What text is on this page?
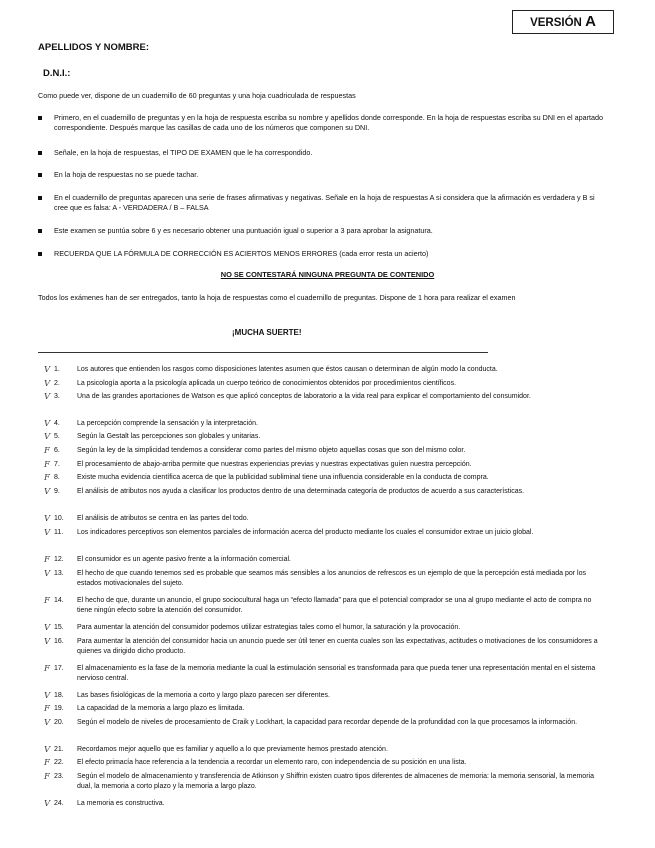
VERSIÓN A
APELLIDOS Y NOMBRE:
D.N.I.:
Como puede ver, dispone de un cuadernillo de 60 preguntas y una hoja cuadriculada de respuestas
Primero, en el cuadernillo de preguntas y en la hoja de respuesta escriba su nombre y apellidos donde corresponde. En la hoja de respuestas escriba su DNI en el apartado correspondiente. Después marque las casillas de cada uno de los números que componen su DNI.
Señale, en la hoja de respuestas, el TIPO DE EXAMEN que le ha correspondido.
En la hoja de respuestas no se puede tachar.
En el cuadernillo de preguntas aparecen una serie de frases afirmativas y negativas. Señale en la hoja de respuestas A si considera que la afirmación es verdadera y B si cree que es falsa: A - VERDADERA / B – FALSA
Este examen se puntúa sobre 6 y es necesario obtener una puntuación igual o superior a 3 para aprobar la asignatura.
RECUERDA QUE LA FÓRMULA DE CORRECCIÓN ES ACIERTOS MENOS ERRORES (cada error resta un acierto)
NO SE CONTESTARÁ NINGUNA PREGUNTA DE CONTENIDO
Todos los exámenes han de ser entregados, tanto la hoja de respuestas como el cuadernillo de preguntas. Dispone de 1 hora para realizar el examen
¡MUCHA SUERTE!
V 1.	Los autores que entienden los rasgos como disposiciones latentes asumen que éstos causan o determinan de algún modo la conducta.
V 2.	La psicología aporta a la psicología aplicada un cuerpo teórico de conocimientos obtenidos por procedimientos científicos.
V 3.	Una de las grandes aportaciones de Watson es que aplicó conceptos de laboratorio a la vida real para explicar el comportamiento del consumidor.
V 4.	La percepción comprende la sensación y la interpretación.
V 5.	Según la Gestalt las percepciones son globales y unitarias.
F 6.	Según la ley de la simplicidad tendemos a considerar como partes del mismo objeto aquellas cosas que son del mismo color.
F 7.	El procesamiento de abajo-arriba permite que nuestras experiencias previas y nuestras expectativas guíen nuestra percepción.
F 8.	Existe mucha evidencia científica acerca de que la publicidad subliminal tiene una influencia considerable en la conducta de compra.
V 9.	El análisis de atributos nos ayuda a clasificar los productos dentro de una determinada categoría de productos de acuerdo a sus características.
V 10.	El análisis de atributos se centra en las partes del todo.
V 11.	Los indicadores perceptivos son elementos parciales de información acerca del producto mediante los cuales el consumidor extrae un juicio global.
F 12.	El consumidor es un agente pasivo frente a la información comercial.
V 13.	El hecho de que cuando tenemos sed es probable que seamos más sensibles a los anuncios de refrescos es un ejemplo de que la percepción está mediada por los estados motivacionales del sujeto.
F 14.	El hecho de que, durante un anuncio, el grupo sociocultural haga un “efecto llamada” para que el potencial comprador se una al grupo mediante el acto de compra no tiene ningún efecto sobre la atención del consumidor.
V 15.	Para aumentar la atención del consumidor podemos utilizar estrategias tales como el humor, la saturación y la provocación.
V 16.	Para aumentar la atención del consumidor hacia un anuncio puede ser útil tener en cuenta cuales son las expectativas, actitudes o motivaciones de los consumidores a quienes va dirigido dicho producto.
F 17.	El almacenamiento es la fase de la memoria mediante la cual la estimulación sensorial es transformada para que pueda tener una representación mental en el sistema nervioso central.
V 18.	Las bases fisiológicas de la memoria a corto y largo plazo parecen ser diferentes.
F 19.	La capacidad de la memoria a largo plazo es limitada.
V 20.	Según el modelo de niveles de procesamiento de Craik y Lockhart, la capacidad para recordar depende de la profundidad con la que procesamos la información.
V 21.	Recordamos mejor aquello que es familiar y aquello a lo que previamente hemos prestado atención.
F 22.	El efecto primacía hace referencia a la tendencia a recordar un elemento raro, con independencia de su posición en una lista.
F 23.	Según el modelo de almacenamiento y transferencia de Atkinson y Shiffrin existen cuatro tipos diferentes de almacenes de memoria: la memoria sensorial, la memoria dual, la memoria a corto plazo y la memoria a largo plazo.
V 24.	La memoria es constructiva.
